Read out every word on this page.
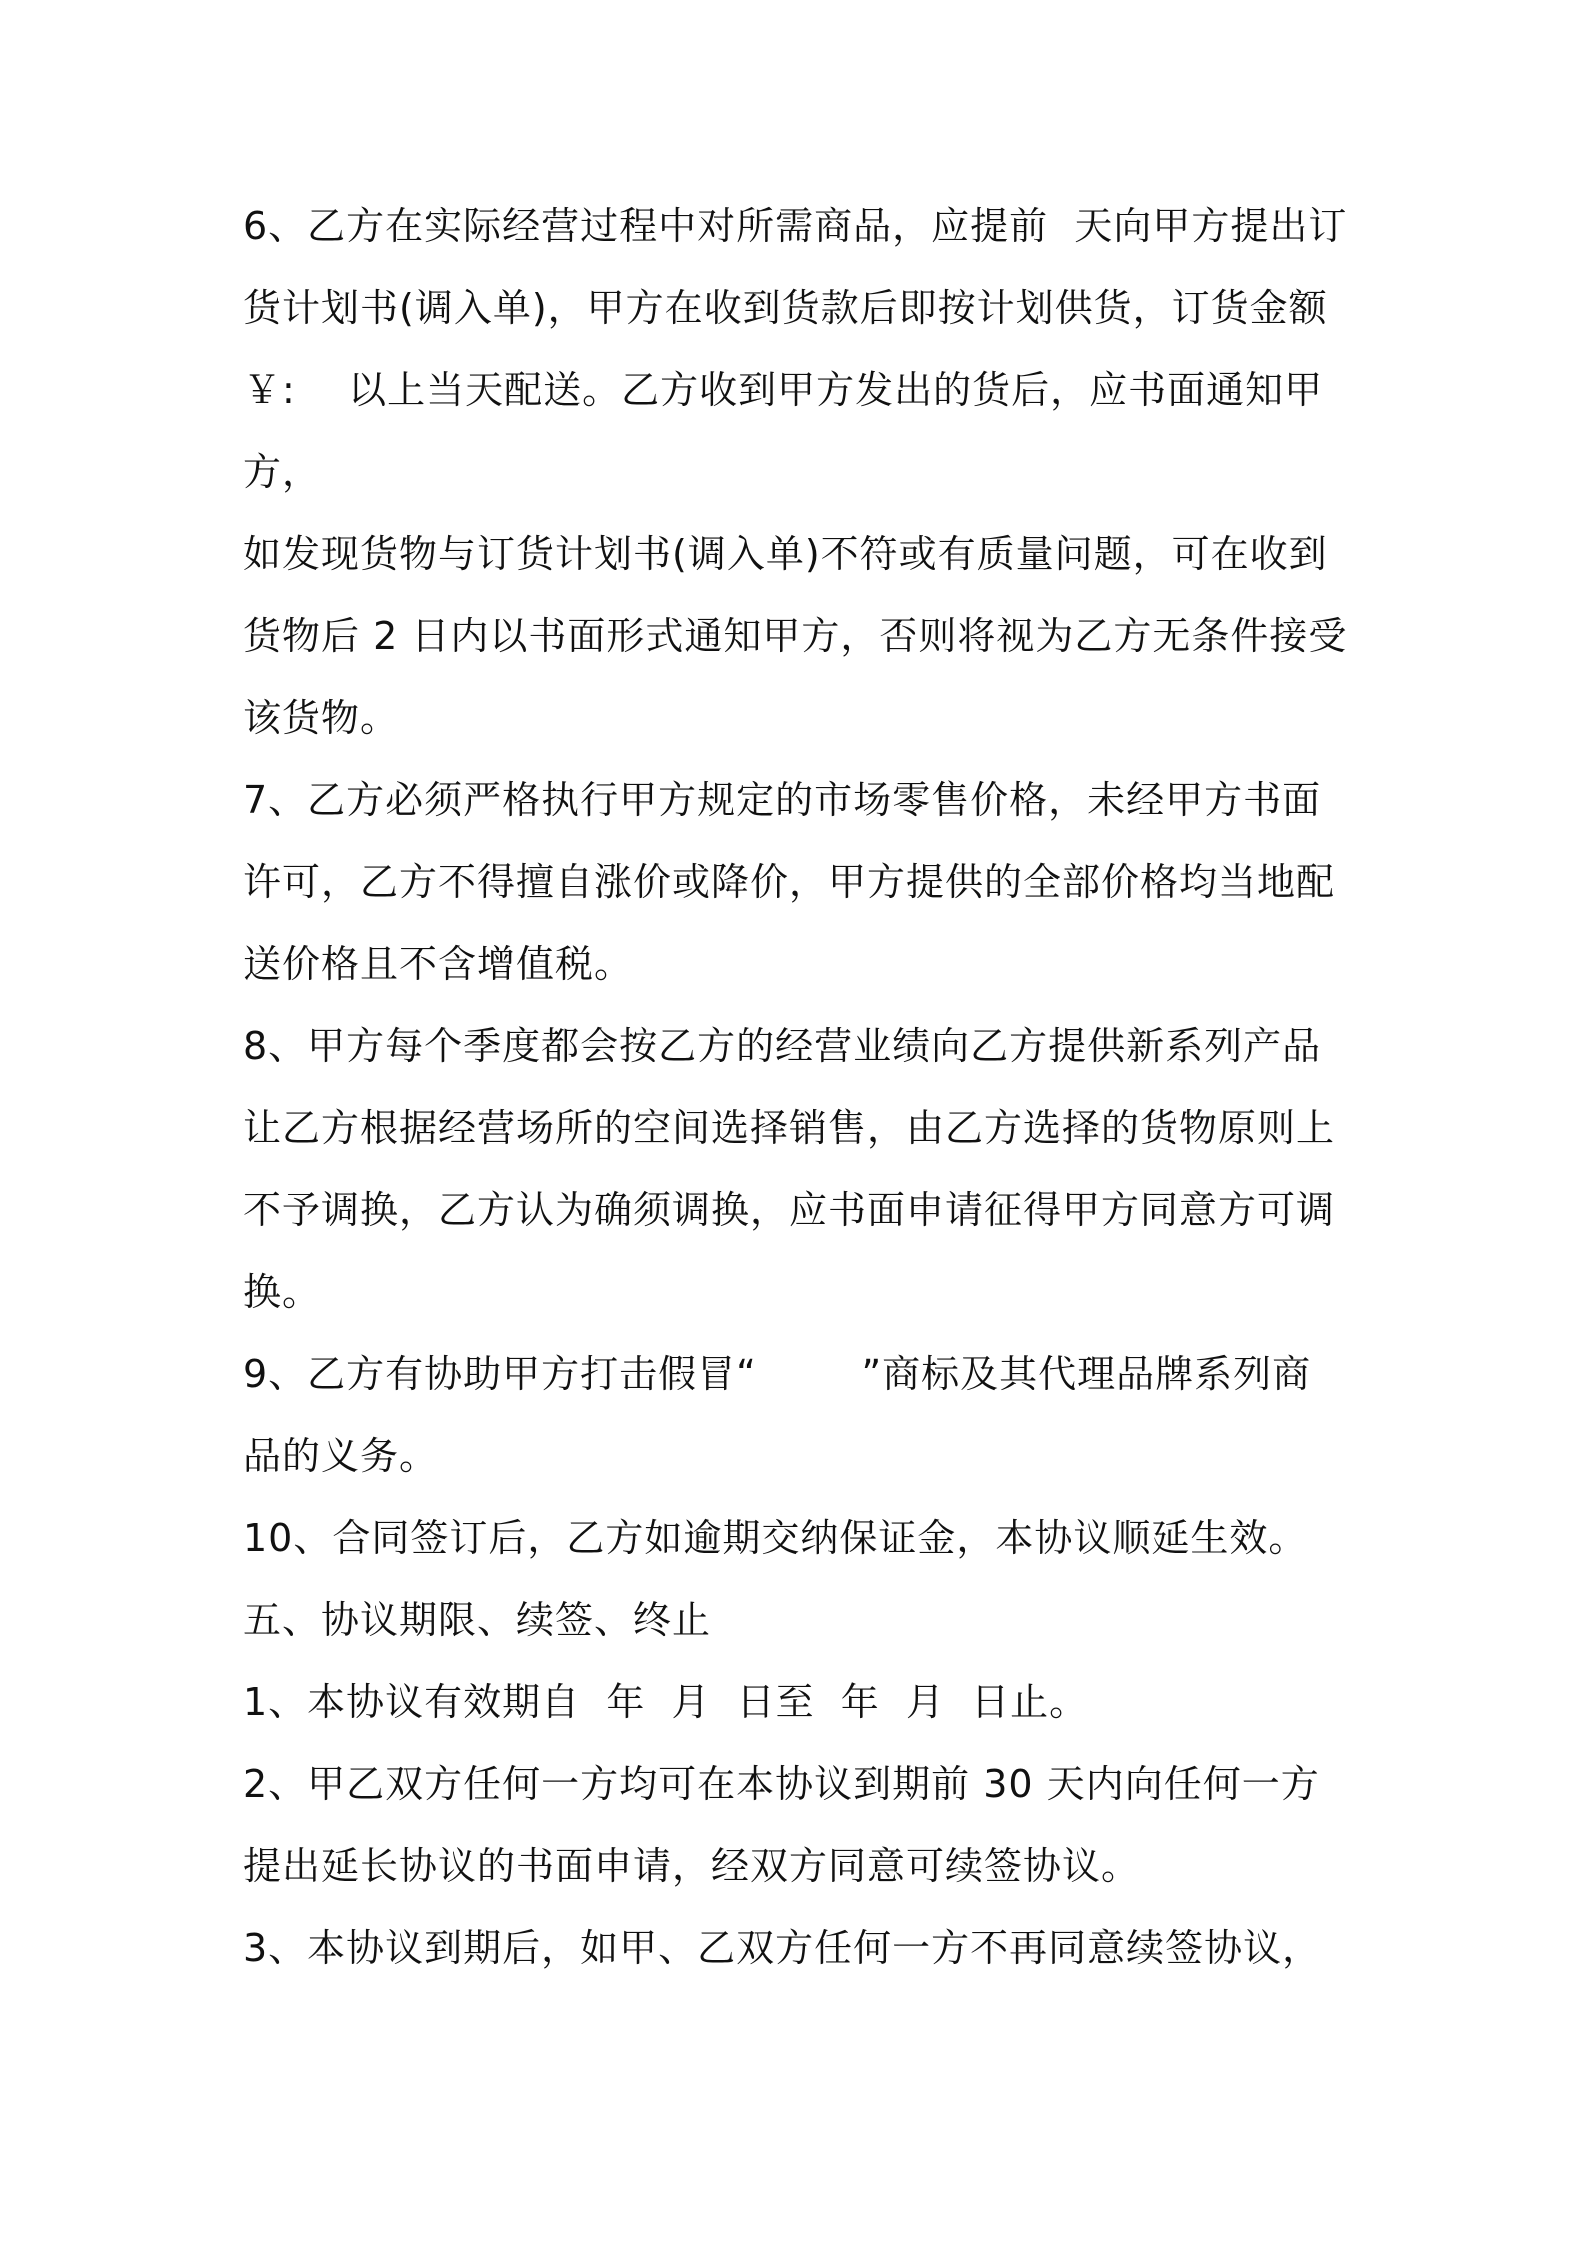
6、乙方在实际经营过程中对所需商品，应提前  天向甲方提出订

货计划书(调入单)，甲方在收到货款后即按计划供货，订货金额

￥:    以上当天配送。乙方收到甲方发出的货后，应书面通知甲

方，

如发现货物与订货计划书(调入单)不符或有质量问题，可在收到

货物后 2 日内以书面形式通知甲方，否则将视为乙方无条件接受

该货物。

7、乙方必须严格执行甲方规定的市场零售价格，未经甲方书面

许可，乙方不得擅自涨价或降价，甲方提供的全部价格均当地配

送价格且不含增值税。

8、甲方每个季度都会按乙方的经营业绩向乙方提供新系列产品

让乙方根据经营场所的空间选择销售，由乙方选择的货物原则上

不予调换，乙方认为确须调换，应书面申请征得甲方同意方可调

换。

9、乙方有协助甲方打击假冒“        ”商标及其代理品牌系列商

品的义务。

10、合同签订后，乙方如逾期交纳保证金，本协议顺延生效。

五、协议期限、续签、终止

1、本协议有效期自  年  月  日至  年  月  日止。

2、甲乙双方任何一方均可在本协议到期前 30 天内向任何一方

提出延长协议的书面申请，经双方同意可续签协议。

3、本协议到期后，如甲、乙双方任何一方不再同意续签协议，
